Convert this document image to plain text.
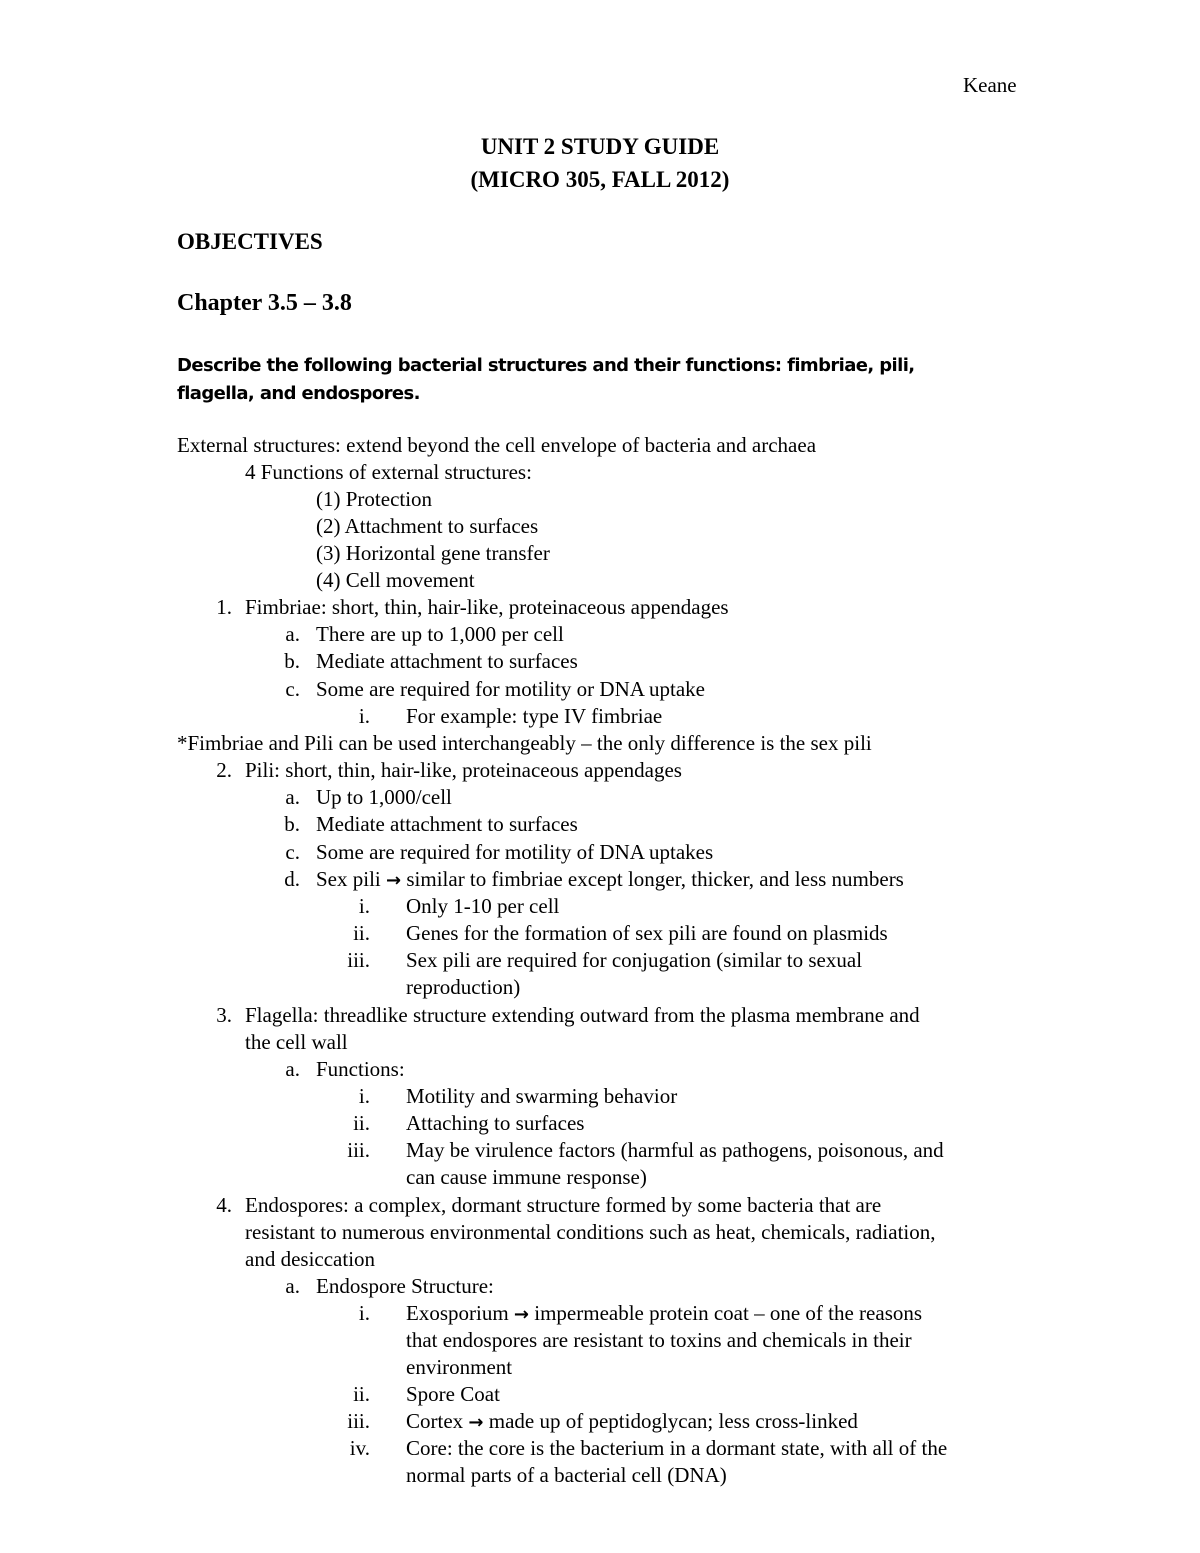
Keane
UNIT 2 STUDY GUIDE
(MICRO 305, FALL 2012)
OBJECTIVES
Chapter 3.5 – 3.8
Describe the following bacterial structures and their functions: fimbriae, pili,
flagella, and endospores.
External structures: extend beyond the cell envelope of bacteria and archaea
4 Functions of external structures:
(1) Protection
(2) Attachment to surfaces
(3) Horizontal gene transfer
(4) Cell movement
1. Fimbriae: short, thin, hair-like, proteinaceous appendages
a. There are up to 1,000 per cell
b. Mediate attachment to surfaces
c. Some are required for motility or DNA uptake
i. For example: type IV fimbriae
*Fimbriae and Pili can be used interchangeably – the only difference is the sex pili
2. Pili: short, thin, hair-like, proteinaceous appendages
a. Up to 1,000/cell
b. Mediate attachment to surfaces
c. Some are required for motility of DNA uptakes
d. Sex pili → similar to fimbriae except longer, thicker, and less numbers
i. Only 1-10 per cell
ii. Genes for the formation of sex pili are found on plasmids
iii. Sex pili are required for conjugation (similar to sexual
reproduction)
3. Flagella: threadlike structure extending outward from the plasma membrane and
the cell wall
a. Functions:
i. Motility and swarming behavior
ii. Attaching to surfaces
iii. May be virulence factors (harmful as pathogens, poisonous, and
can cause immune response)
4. Endospores: a complex, dormant structure formed by some bacteria that are
resistant to numerous environmental conditions such as heat, chemicals, radiation,
and desiccation
a. Endospore Structure:
i. Exosporium → impermeable protein coat – one of the reasons
that endospores are resistant to toxins and chemicals in their
environment
ii. Spore Coat
iii. Cortex → made up of peptidoglycan; less cross-linked
iv. Core: the core is the bacterium in a dormant state, with all of the
normal parts of a bacterial cell (DNA)
